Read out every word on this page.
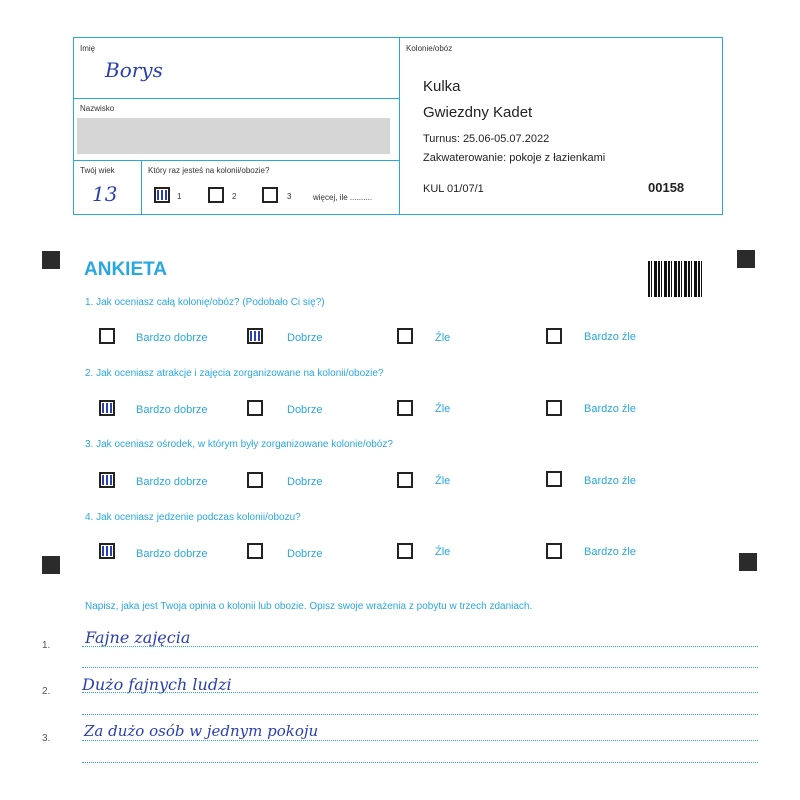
Imię
Borys
Nazwisko
Twój wiek
13
Który raz jesteś na kolonii/obozie?
1	2	3	więcej, ile ..........
Kolonie/obóz
Kulka
Gwiezdny Kadet
Turnus: 25.06-05.07.2022
Zakwaterowanie: pokoje z łazienkami
KUL 01/07/1	00158
ANKIETA
1. Jak oceniasz całą kolonię/obóz? (Podobało Ci się?)
Bardzo dobrze	Dobrze	Źle	Bardzo źle
2. Jak oceniasz atrakcje i zajęcia zorganizowane na kolonii/obozie?
Bardzo dobrze	Dobrze	Źle	Bardzo źle
3. Jak oceniasz ośrodek, w którym były zorganizowane kolonie/obóz?
Bardzo dobrze	Dobrze	Źle	Bardzo źle
4. Jak oceniasz jedzenie podczas kolonii/obozu?
Bardzo dobrze	Dobrze	Źle	Bardzo źle
Napisz, jaka jest Twoja opinia o kolonii lub obozie. Opisz swoje wrażenia z pobytu w trzech zdaniach.
1. Fajne zajęcia
2. Dużo fajnych ludzi
3. Za dużo osób w jednym pokoju
